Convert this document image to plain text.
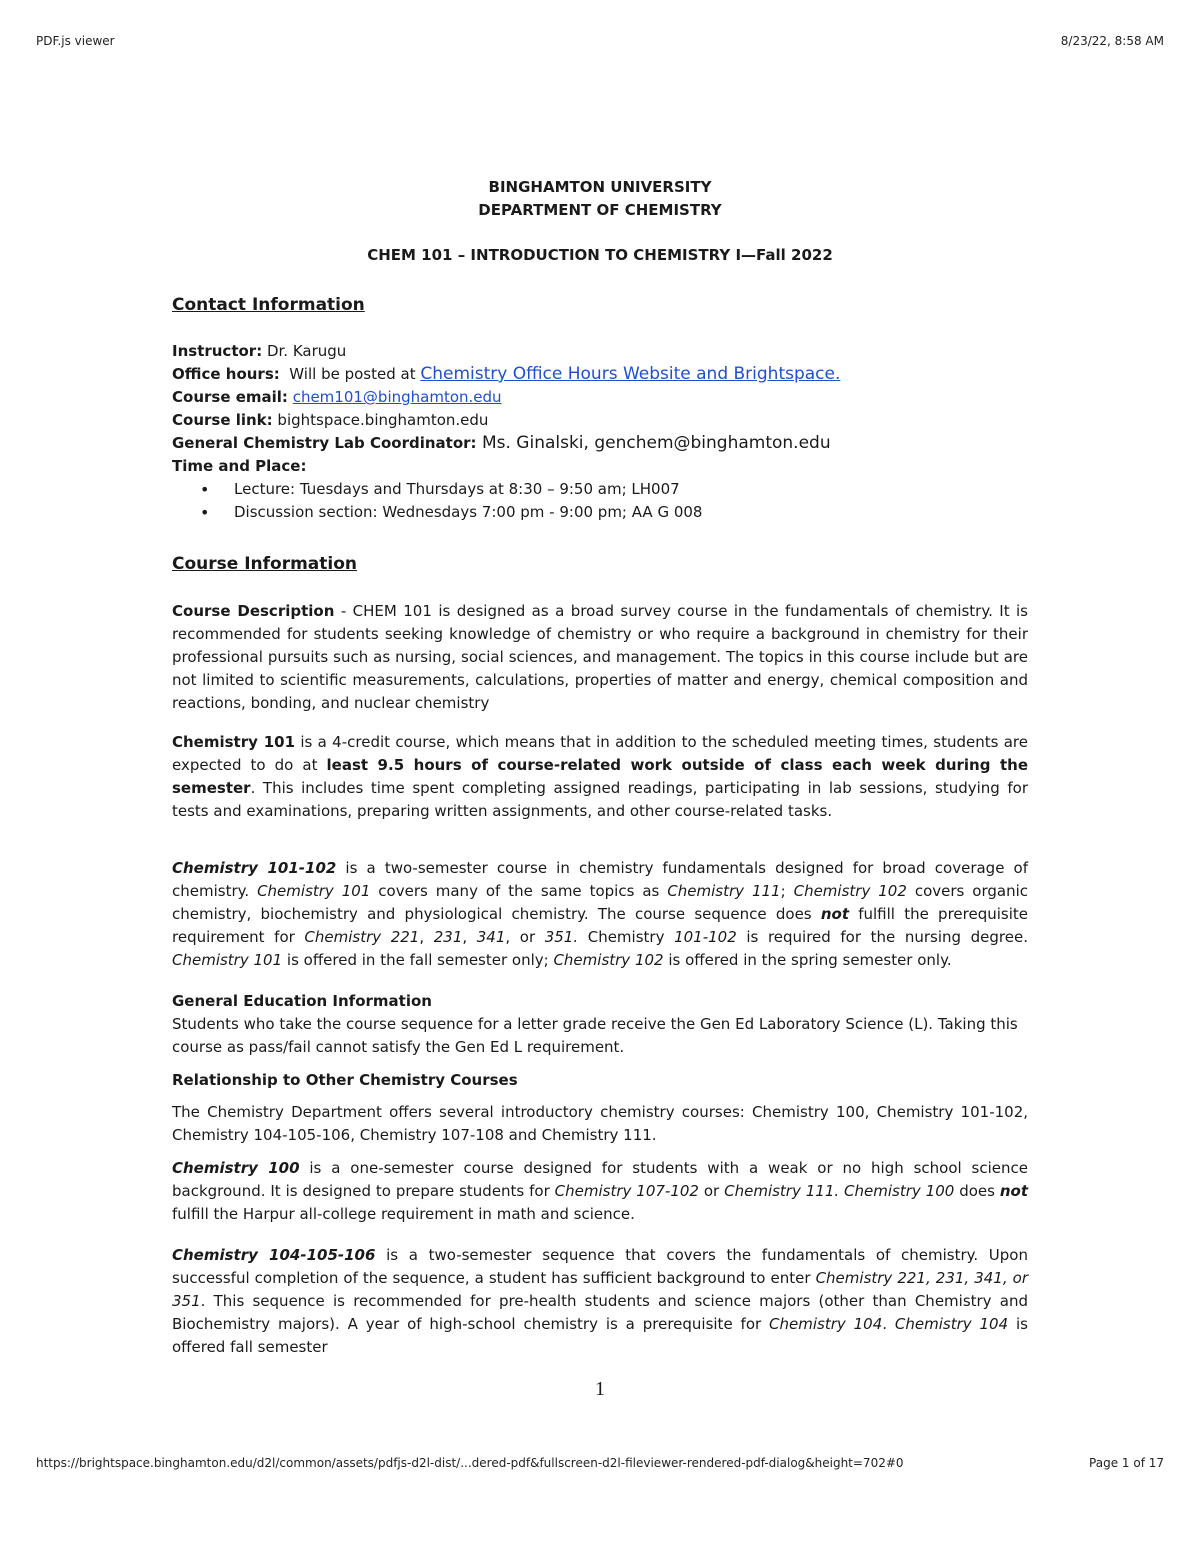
PDF.js viewer	8/23/22, 8:58 AM
BINGHAMTON UNIVERSITY
DEPARTMENT OF CHEMISTRY
CHEM 101 – INTRODUCTION TO CHEMISTRY I—Fall 2022
Contact Information

Instructor: Dr. Karugu

Office hours:  Will be posted at Chemistry Office Hours Website and Brightspace.

Course email: chem101@binghamton.edu

Course link: bightspace.binghamton.edu

General Chemistry Lab Coordinator: Ms. Ginalski, genchem@binghamton.edu

Time and Place:

• Lecture: Tuesdays and Thursdays at 8:30 – 9:50 am; LH007
• Discussion section: Wednesdays 7:00 pm - 9:00 pm; AA G 008
Course Information

Course Description - CHEM 101 is designed as a broad survey course in the fundamentals of chemistry. It is recommended for students seeking knowledge of chemistry or who require a background in chemistry for their professional pursuits such as nursing, social sciences, and management. The topics in this course include but are not limited to scientific measurements, calculations, properties of matter and energy, chemical composition and reactions, bonding, and nuclear chemistry

Chemistry 101 is a 4-credit course, which means that in addition to the scheduled meeting times, students are expected to do at least 9.5 hours of course-related work outside of class each week during the semester. This includes time spent completing assigned readings, participating in lab sessions, studying for tests and examinations, preparing written assignments, and other course-related tasks.

Chemistry 101-102 is a two-semester course in chemistry fundamentals designed for broad coverage of chemistry. Chemistry 101 covers many of the same topics as Chemistry 111; Chemistry 102 covers organic chemistry, biochemistry and physiological chemistry. The course sequence does not fulfill the prerequisite requirement for Chemistry 221, 231, 341, or 351. Chemistry 101-102 is required for the nursing degree. Chemistry 101 is offered in the fall semester only; Chemistry 102 is offered in the spring semester only.

General Education Information

Students who take the course sequence for a letter grade receive the Gen Ed Laboratory Science (L). Taking this course as pass/fail cannot satisfy the Gen Ed L requirement.

Relationship to Other Chemistry Courses

The Chemistry Department offers several introductory chemistry courses: Chemistry 100, Chemistry 101-102, Chemistry 104-105-106, Chemistry 107-108 and Chemistry 111.

Chemistry 100 is a one-semester course designed for students with a weak or no high school science background. It is designed to prepare students for Chemistry 107-102 or Chemistry 111. Chemistry 100 does not fulfill the Harpur all-college requirement in math and science.

Chemistry 104-105-106 is a two-semester sequence that covers the fundamentals of chemistry. Upon successful completion of the sequence, a student has sufficient background to enter Chemistry 221, 231, 341, or 351. This sequence is recommended for pre-health students and science majors (other than Chemistry and Biochemistry majors). A year of high-school chemistry is a prerequisite for Chemistry 104. Chemistry 104 is offered fall semester

1
https://brightspace.binghamton.edu/d2l/common/assets/pdfjs-d2l-dist/...dered-pdf&fullscreen-d2l-fileviewer-rendered-pdf-dialog&height=702#0	Page 1 of 17
